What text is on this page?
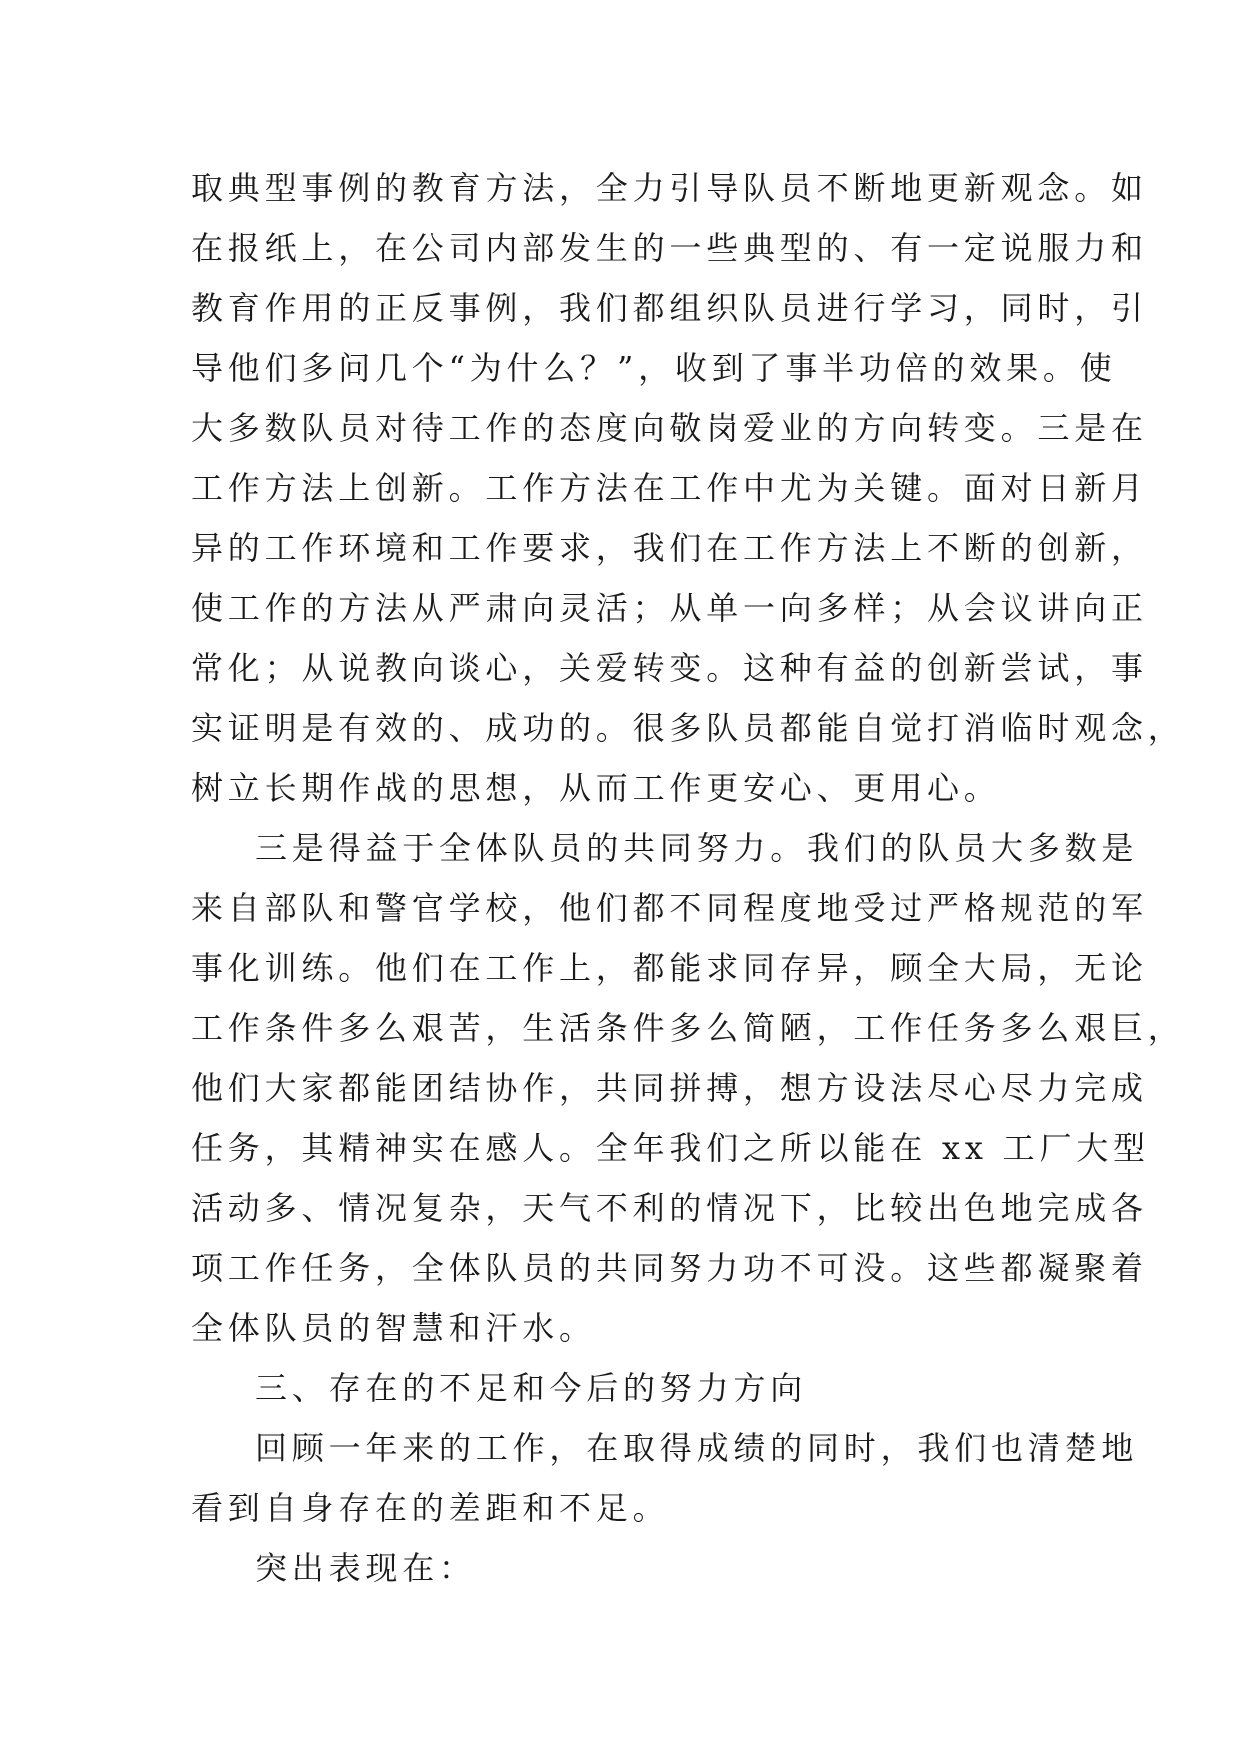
取典型事例的教育方法，全力引导队员不断地更新观念。如
在报纸上，在公司内部发生的一些典型的、有一定说服力和
教育作用的正反事例，我们都组织队员进行学习，同时，引
导他们多问几个“为什么？”，收到了事半功倍的效果。使
大多数队员对待工作的态度向敬岗爱业的方向转变。三是在
工作方法上创新。工作方法在工作中尤为关键。面对日新月
异的工作环境和工作要求，我们在工作方法上不断的创新，
使工作的方法从严肃向灵活；从单一向多样；从会议讲向正
常化；从说教向谈心，关爱转变。这种有益的创新尝试，事
实证明是有效的、成功的。很多队员都能自觉打消临时观念，
树立长期作战的思想，从而工作更安心、更用心。
三是得益于全体队员的共同努力。我们的队员大多数是
来自部队和警官学校，他们都不同程度地受过严格规范的军
事化训练。他们在工作上，都能求同存异，顾全大局，无论
工作条件多么艰苦，生活条件多么简陋，工作任务多么艰巨，
他们大家都能团结协作，共同拼搏，想方设法尽心尽力完成
任务，其精神实在感人。全年我们之所以能在 xx 工厂大型
活动多、情况复杂，天气不利的情况下，比较出色地完成各
项工作任务，全体队员的共同努力功不可没。这些都凝聚着
全体队员的智慧和汗水。
三、存在的不足和今后的努力方向
回顾一年来的工作，在取得成绩的同时，我们也清楚地
看到自身存在的差距和不足。
突出表现在：
